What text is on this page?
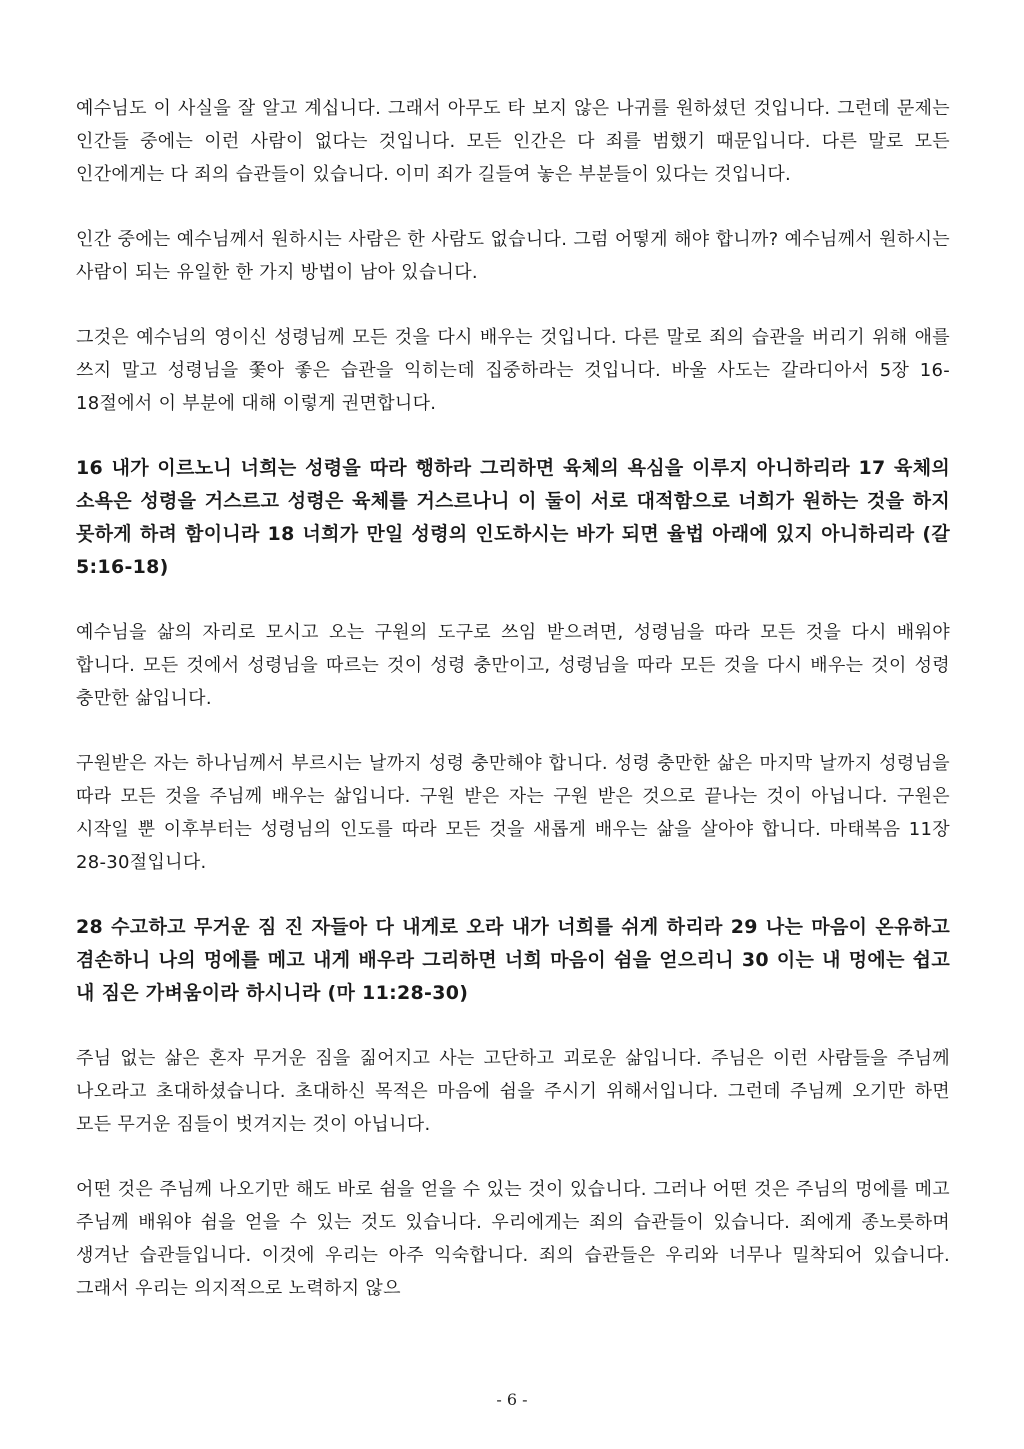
예수님도 이 사실을 잘 알고 계십니다. 그래서 아무도 타 보지 않은 나귀를 원하셨던 것입니다. 그런데 문제는 인간들 중에는 이런 사람이 없다는 것입니다. 모든 인간은 다 죄를 범했기 때문입니다. 다른 말로 모든 인간에게는 다 죄의 습관들이 있습니다. 이미 죄가 길들여 놓은 부분들이 있다는 것입니다.

인간 중에는 예수님께서 원하시는 사람은 한 사람도 없습니다. 그럼 어떻게 해야 합니까? 예수님께서 원하시는 사람이 되는 유일한 한 가지 방법이 남아 있습니다.

그것은 예수님의 영이신 성령님께 모든 것을 다시 배우는 것입니다. 다른 말로 죄의 습관을 버리기 위해 애를 쓰지 말고 성령님을 쫓아 좋은 습관을 익히는데 집중하라는 것입니다. 바울 사도는 갈라디아서 5장 16-18절에서 이 부분에 대해 이렇게 권면합니다.

16 내가 이르노니 너희는 성령을 따라 행하라 그리하면 육체의 욕심을 이루지 아니하리라 17 육체의 소욕은 성령을 거스르고 성령은 육체를 거스르나니 이 둘이 서로 대적함으로 너희가 원하는 것을 하지 못하게 하려 함이니라 18 너희가 만일 성령의 인도하시는 바가 되면 율법 아래에 있지 아니하리라 (갈 5:16-18)

예수님을 삶의 자리로 모시고 오는 구원의 도구로 쓰임 받으려면, 성령님을 따라 모든 것을 다시 배워야 합니다. 모든 것에서 성령님을 따르는 것이 성령 충만이고, 성령님을 따라 모든 것을 다시 배우는 것이 성령 충만한 삶입니다.

구원받은 자는 하나님께서 부르시는 날까지 성령 충만해야 합니다. 성령 충만한 삶은 마지막 날까지 성령님을 따라 모든 것을 주님께 배우는 삶입니다. 구원 받은 자는 구원 받은 것으로 끝나는 것이 아닙니다. 구원은 시작일 뿐 이후부터는 성령님의 인도를 따라 모든 것을 새롭게 배우는 삶을 살아야 합니다. 마태복음 11장 28-30절입니다.

28 수고하고 무거운 짐 진 자들아 다 내게로 오라 내가 너희를 쉬게 하리라 29 나는 마음이 온유하고 겸손하니 나의 멍에를 메고 내게 배우라 그리하면 너희 마음이 쉼을 얻으리니 30 이는 내 멍에는 쉽고 내 짐은 가벼움이라 하시니라 (마 11:28-30)

주님 없는 삶은 혼자 무거운 짐을 짊어지고 사는 고단하고 괴로운 삶입니다. 주님은 이런 사람들을 주님께 나오라고 초대하셨습니다. 초대하신 목적은 마음에 쉼을 주시기 위해서입니다. 그런데 주님께 오기만 하면 모든 무거운 짐들이 벗겨지는 것이 아닙니다.

어떤 것은 주님께 나오기만 해도 바로 쉼을 얻을 수 있는 것이 있습니다. 그러나 어떤 것은 주님의 멍에를 메고 주님께 배워야 쉼을 얻을 수 있는 것도 있습니다. 우리에게는 죄의 습관들이 있습니다. 죄에게 종노릇하며 생겨난 습관들입니다. 이것에 우리는 아주 익숙합니다. 죄의 습관들은 우리와 너무나 밀착되어 있습니다. 그래서 우리는 의지적으로 노력하지 않으

- 6 -
